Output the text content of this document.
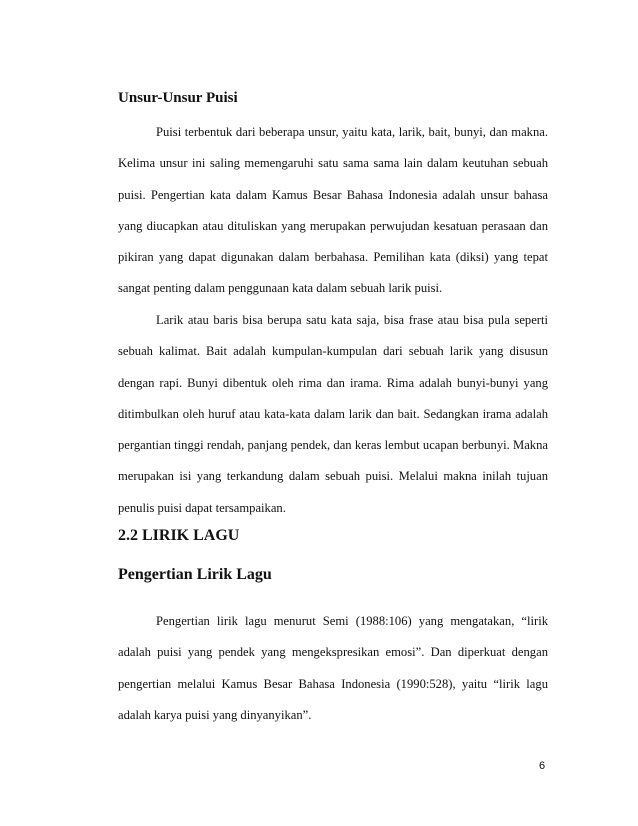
Unsur-Unsur Puisi

Puisi terbentuk dari beberapa unsur, yaitu kata, larik, bait, bunyi, dan makna. Kelima unsur ini saling memengaruhi satu sama sama lain dalam keutuhan sebuah puisi. Pengertian kata dalam Kamus Besar Bahasa Indonesia adalah unsur bahasa yang diucapkan atau dituliskan yang merupakan perwujudan kesatuan perasaan dan pikiran yang dapat digunakan dalam berbahasa. Pemilihan kata (diksi) yang tepat sangat penting dalam penggunaan kata dalam sebuah larik puisi.

Larik atau baris bisa berupa satu kata saja, bisa frase atau bisa pula seperti sebuah kalimat. Bait adalah kumpulan-kumpulan dari sebuah larik yang disusun dengan rapi. Bunyi dibentuk oleh rima dan irama. Rima adalah bunyi-bunyi yang ditimbulkan oleh huruf atau kata-kata dalam larik dan bait. Sedangkan irama adalah pergantian tinggi rendah, panjang pendek, dan keras lembut ucapan berbunyi. Makna merupakan isi yang terkandung dalam sebuah puisi. Melalui makna inilah tujuan penulis puisi dapat tersampaikan.

2.2 LIRIK LAGU
Pengertian Lirik Lagu

Pengertian lirik lagu menurut Semi (1988:106) yang mengatakan, “lirik adalah puisi yang pendek yang mengekspresikan emosi”. Dan diperkuat dengan pengertian melalui Kamus Besar Bahasa Indonesia (1990:528), yaitu “lirik lagu adalah karya puisi yang dinyanyikan”.

6
